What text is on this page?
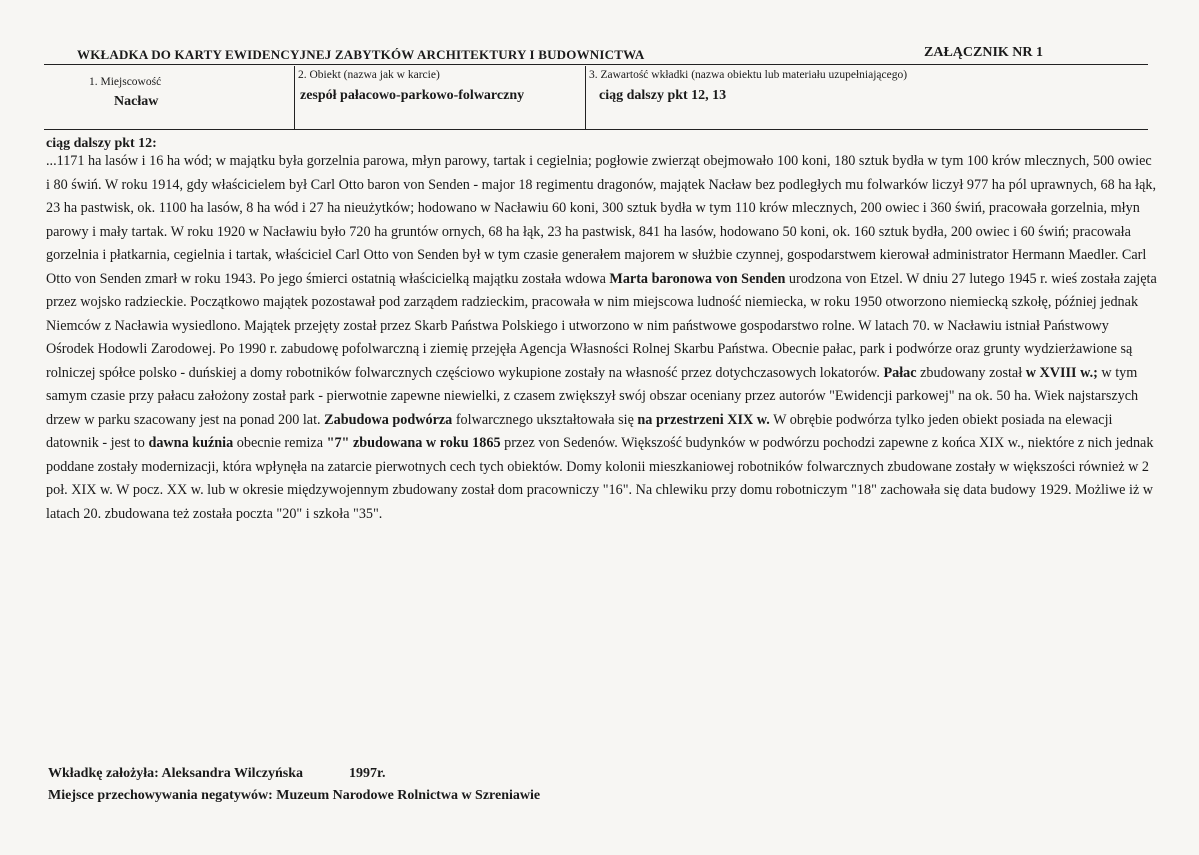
WKŁADKA DO KARTY EWIDENCYJNEJ ZABYTKÓW ARCHITEKTURY I BUDOWNICTWA	ZAŁĄCZNIK NR 1
1. Miejscowość
Nacław
2. Obiekt (nazwa jak w karcie)
zespół pałacowo-parkowo-folwarczny
3. Zawartość wkładki (nazwa obiektu lub materiału uzupełniającego)
ciąg dalszy pkt 12, 13
ciąg dalszy pkt 12:
...1171 ha lasów i 16 ha wód; w majątku była gorzelnia parowa, młyn parowy, tartak i cegielnia; pogłowie zwierząt obejmowało 100 koni, 180 sztuk bydła w tym 100 krów mlecznych, 500 owiec i 80 świń. W roku 1914, gdy właścicielem był Carl Otto baron von Senden - major 18 regimentu dragonów, majątek Nacław bez podległych mu folwarków liczył 977 ha pól uprawnych, 68 ha łąk, 23 ha pastwisk, ok. 1100 ha lasów, 8 ha wód i 27 ha nieużytków; hodowano w Nacławiu 60 koni, 300 sztuk bydła w tym 110 krów mlecznych, 200 owiec i 360 świń, pracowała gorzelnia, młyn parowy i mały tartak. W roku 1920 w Nacławiu było 720 ha gruntów ornych, 68 ha łąk, 23 ha pastwisk, 841 ha lasów, hodowano 50 koni, ok. 160 sztuk bydła, 200 owiec i 60 świń; pracowała gorzelnia i płatkarnia, cegielnia i tartak, właściciel Carl Otto von Senden był w tym czasie generałem majorem w służbie czynnej, gospodarstwem kierował administrator Hermann Maedler. Carl Otto von Senden zmarł w roku 1943. Po jego śmierci ostatnią właścicielką majątku została wdowa Marta baronowa von Senden urodzona von Etzel. W dniu 27 lutego 1945 r. wieś została zajęta przez wojsko radzieckie. Początkowo majątek pozostawał pod zarządem radzieckim, pracowała w nim miejscowa ludność niemiecka, w roku 1950 otworzono niemiecką szkołę, później jednak Niemców z Nacławia wysiedlono. Majątek przejęty został przez Skarb Państwa Polskiego i utworzono w nim państwowe gospodarstwo rolne. W latach 70. w Nacławiu istniał Państwowy Ośrodek Hodowli Zarodowej. Po 1990 r. zabudowę pofolwarczną i ziemię przejęła Agencja Własności Rolnej Skarbu Państwa. Obecnie pałac, park i podwórze oraz grunty wydzierżawione są rolniczej spółce polsko - duńskiej a domy robotników folwarcznych częściowo wykupione zostały na własność przez dotychczasowych lokatorów. Pałac zbudowany został w XVIII w.; w tym samym czasie przy pałacu założony został park - pierwotnie zapewne niewielki, z czasem zwiększył swój obszar oceniany przez autorów "Ewidencji parkowej" na ok. 50 ha. Wiek najstarszych drzew w parku szacowany jest na ponad 200 lat. Zabudowa podwórza folwarcznego ukształtowała się na przestrzeni XIX w. W obrębie podwórza tylko jeden obiekt posiada na elewacji datownik - jest to dawna kuźnia obecnie remiza "7" zbudowana w roku 1865 przez von Sedenów. Większość budynków w podwórzu pochodzi zapewne z końca XIX w., niektóre z nich jednak poddane zostały modernizacji, która wpłynęła na zatarcie pierwotnych cech tych obiektów. Domy kolonii mieszkaniowej robotników folwarcznych zbudowane zostały w większości również w 2 poł. XIX w. W pocz. XX w. lub w okresie międzywojennym zbudowany został dom pracowniczy "16". Na chlewiku przy domu robotniczym "18" zachowała się data budowy 1929. Możliwe iż w latach 20. zbudowana też została poczta "20" i szkoła "35".
Wkładkę założyła: Aleksandra Wilczyńska	1997r.
Miejsce przechowywania negatywów: Muzeum Narodowe Rolnictwa w Szreniawie
